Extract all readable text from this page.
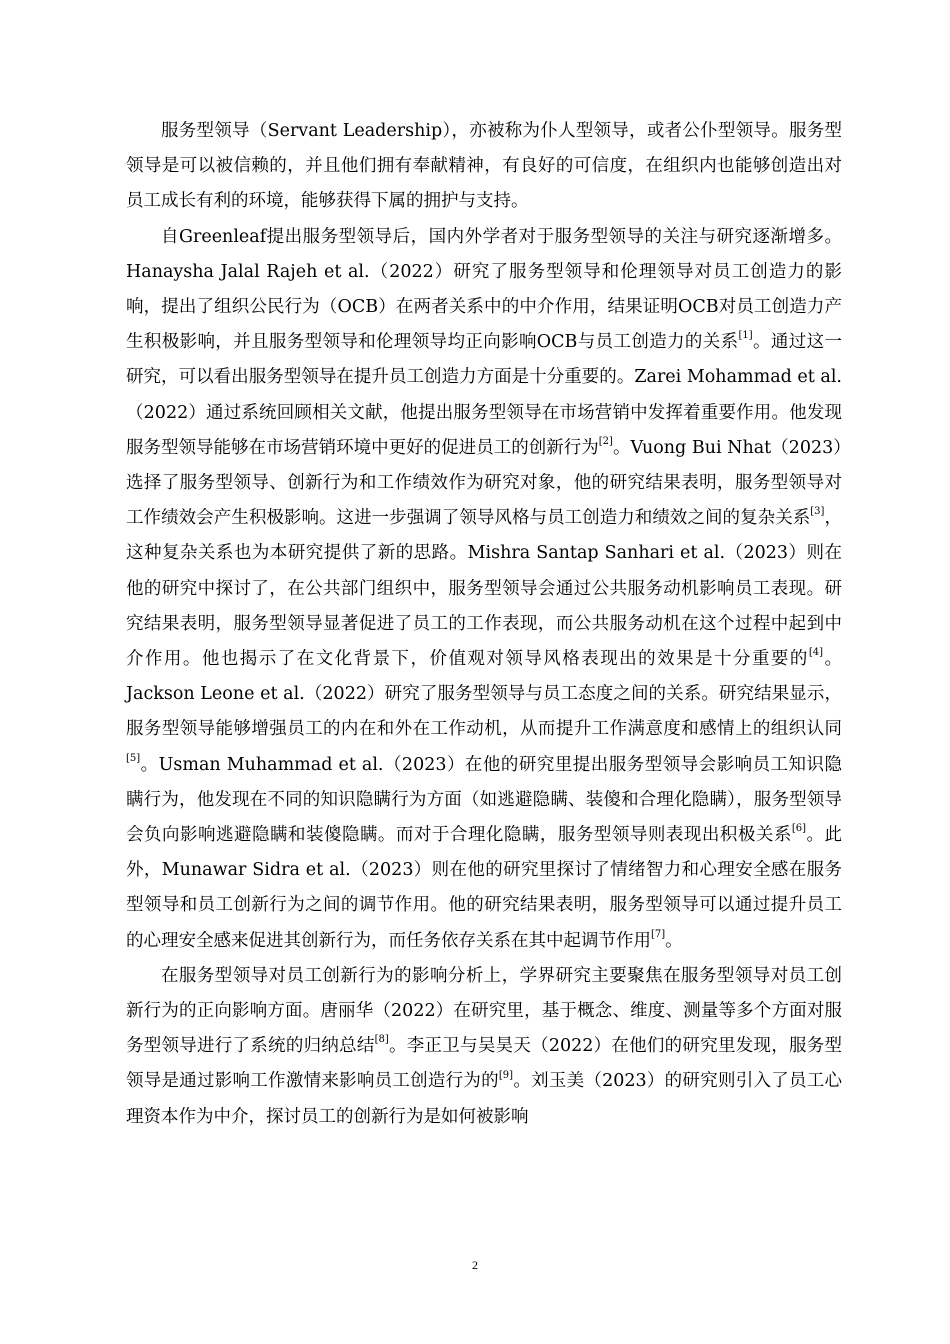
服务型领导（Servant Leadership），亦被称为仆人型领导，或者公仆型领导。服务型领导是可以被信赖的，并且他们拥有奉献精神，有良好的可信度，在组织内也能够创造出对员工成长有利的环境，能够获得下属的拥护与支持。

自Greenleaf提出服务型领导后，国内外学者对于服务型领导的关注与研究逐渐增多。Hanaysha Jalal Rajeh et al.（2022）研究了服务型领导和伦理领导对员工创造力的影响，提出了组织公民行为（OCB）在两者关系中的中介作用，结果证明OCB对员工创造力产生积极影响，并且服务型领导和伦理领导均正向影响OCB与员工创造力的关系[1]。通过这一研究，可以看出服务型领导在提升员工创造力方面是十分重要的。Zarei Mohammad et al.（2022）通过系统回顾相关文献，他提出服务型领导在市场营销中发挥着重要作用。他发现服务型领导能够在市场营销环境中更好的促进员工的创新行为[2]。Vuong Bui Nhat（2023）选择了服务型领导、创新行为和工作绩效作为研究对象，他的研究结果表明，服务型领导对工作绩效会产生积极影响。这进一步强调了领导风格与员工创造力和绩效之间的复杂关系[3]，这种复杂关系也为本研究提供了新的思路。Mishra Santap Sanhari et al.（2023）则在他的研究中探讨了，在公共部门组织中，服务型领导会通过公共服务动机影响员工表现。研究结果表明，服务型领导显著促进了员工的工作表现，而公共服务动机在这个过程中起到中介作用。他也揭示了在文化背景下，价值观对领导风格表现出的效果是十分重要的[4]。Jackson Leone et al.（2022）研究了服务型领导与员工态度之间的关系。研究结果显示，服务型领导能够增强员工的内在和外在工作动机，从而提升工作满意度和感情上的组织认同[5]。Usman Muhammad et al.（2023）在他的研究里提出服务型领导会影响员工知识隐瞒行为，他发现在不同的知识隐瞒行为方面（如逃避隐瞒、装傻和合理化隐瞒），服务型领导会负向影响逃避隐瞒和装傻隐瞒。而对于合理化隐瞒，服务型领导则表现出积极关系[6]。此外，Munawar Sidra et al.（2023）则在他的研究里探讨了情绪智力和心理安全感在服务型领导和员工创新行为之间的调节作用。他的研究结果表明，服务型领导可以通过提升员工的心理安全感来促进其创新行为，而任务依存关系在其中起调节作用[7]。

在服务型领导对员工创新行为的影响分析上，学界研究主要聚焦在服务型领导对员工创新行为的正向影响方面。唐丽华（2022）在研究里，基于概念、维度、测量等多个方面对服务型领导进行了系统的归纳总结[8]。李正卫与吴昊天（2022）在他们的研究里发现，服务型领导是通过影响工作激情来影响员工创造行为的[9]。刘玉美（2023）的研究则引入了员工心理资本作为中介，探讨员工的创新行为是如何被影响

2
